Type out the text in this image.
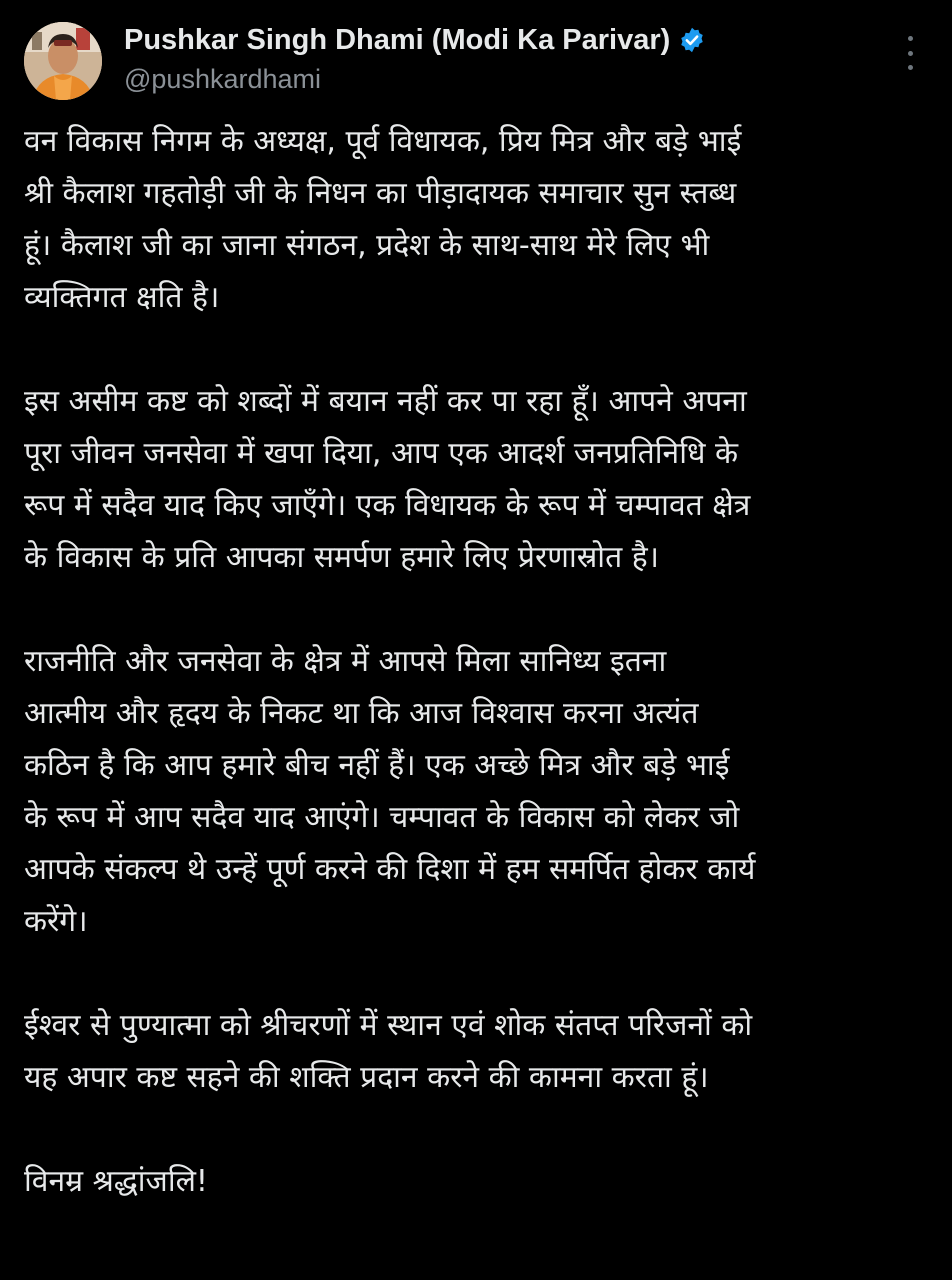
Pushkar Singh Dhami (Modi Ka Parivar)
@pushkardhami

वन विकास निगम के अध्यक्ष, पूर्व विधायक, प्रिय मित्र और बड़े भाई
श्री कैलाश गहतोड़ी जी के निधन का पीड़ादायक समाचार सुन स्तब्ध
हूं। कैलाश जी का जाना संगठन, प्रदेश के साथ-साथ मेरे लिए भी
व्यक्तिगत क्षति है।

इस असीम कष्ट को शब्दों में बयान नहीं कर पा रहा हूँ। आपने अपना
पूरा जीवन जनसेवा में खपा दिया, आप एक आदर्श जनप्रतिनिधि के
रूप में सदैव याद किए जाएँगे। एक विधायक के रूप में चम्पावत क्षेत्र
के विकास के प्रति आपका समर्पण हमारे लिए प्रेरणास्रोत है।

राजनीति और जनसेवा के क्षेत्र में आपसे मिला सानिध्य इतना
आत्मीय और हृदय के निकट था कि आज विश्वास करना अत्यंत
कठिन है कि आप हमारे बीच नहीं हैं। एक अच्छे मित्र और बड़े भाई
के रूप में आप सदैव याद आएंगे। चम्पावत के विकास को लेकर जो
आपके संकल्प थे उन्हें पूर्ण करने की दिशा में हम समर्पित होकर कार्य
करेंगे।

ईश्वर से पुण्यात्मा को श्रीचरणों में स्थान एवं शोक संतप्त परिजनों को
यह अपार कष्ट सहने की शक्ति प्रदान करने की कामना करता हूं।

विनम्र श्रद्धांजलि!
